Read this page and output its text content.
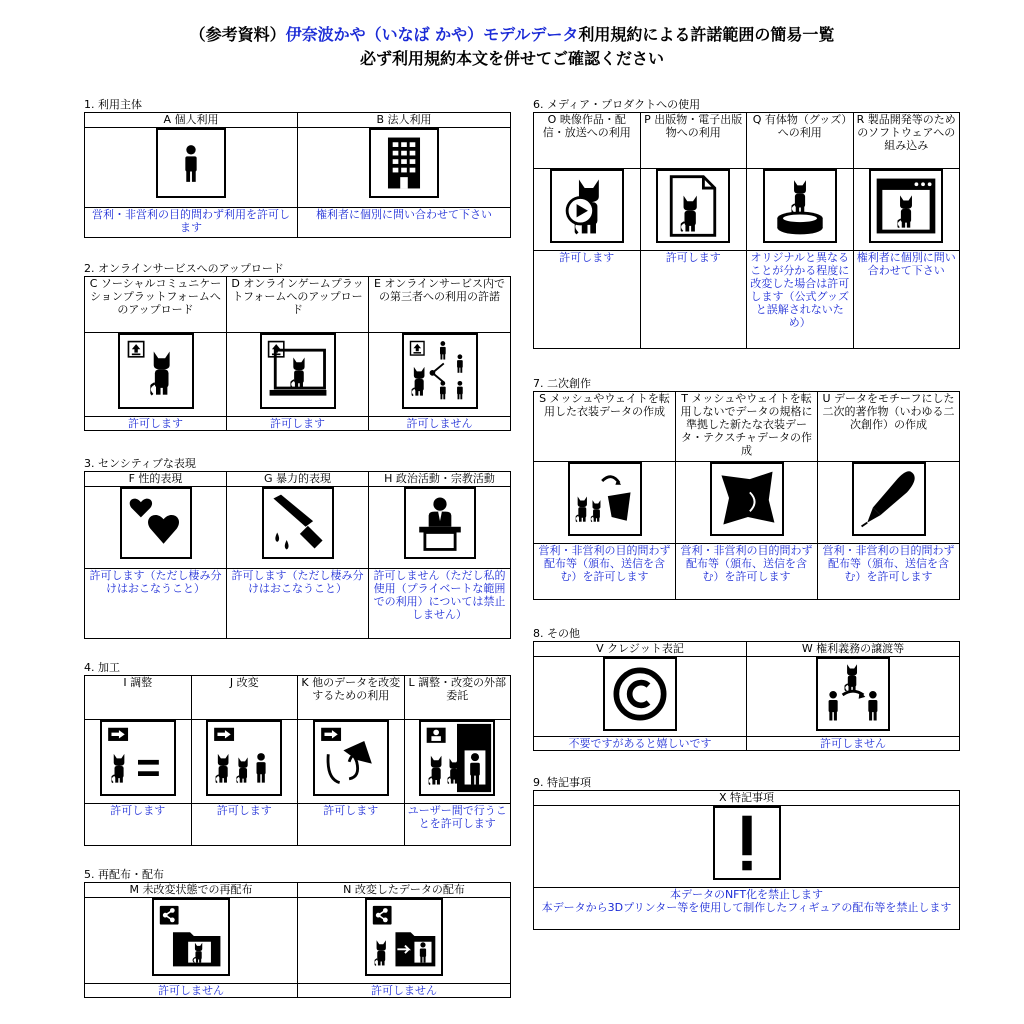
（参考資料）伊奈波かや（いなば かや）モデルデータ利用規約による許諾範囲の簡易一覧
必ず利用規約本文を併せてご確認ください
1. 利用主体
A 個人利用	B 法人利用

営利・非営利の目的問わず利用を許可します	権利者に個別に問い合わせて下さい
2. オンラインサービスへのアップロード
C ソーシャルコミュニケーションプラットフォームへのアップロード	D オンラインゲームプラットフォームへのアップロード	E オンラインサービス内での第三者への利用の許諾

許可します	許可します	許可しません
3. センシティブな表現
F 性的表現	G 暴力的表現	H 政治活動・宗教活動

許可します（ただし棲み分けはおこなうこと）	許可します（ただし棲み分けはおこなうこと）	許可しません（ただし私的使用（プライベートな範囲での利用）については禁止しません）
4. 加工
I 調整	J 改変	K 他のデータを改変するための利用	L 調整・改変の外部委託

許可します	許可します	許可します	ユーザー間で行うことを許可します
5. 再配布・配布
M 未改変状態での再配布	N 改変したデータの配布

許可しません	許可しません
6. メディア・プロダクトへの使用
O 映像作品・配信・放送への利用	P 出版物・電子出版物への利用	Q 有体物（グッズ）への利用	R 製品開発等のためのソフトウェアへの組み込み

許可します	許可します	オリジナルと異なることが分かる程度に改変した場合は許可します（公式グッズと誤解されないため）	権利者に個別に問い合わせて下さい
7. 二次創作
S メッシュやウェイトを転用した衣装データの作成	T メッシュやウェイトを転用しないでデータの規格に準拠した新たな衣装データ・テクスチャデータの作成	U データをモチーフにした二次的著作物（いわゆる二次創作）の作成

営利・非営利の目的問わず配布等（頒布、送信を含む）を許可します	営利・非営利の目的問わず配布等（頒布、送信を含む）を許可します	営利・非営利の目的問わず配布等（頒布、送信を含む）を許可します
8. その他
V クレジット表記	W 権利義務の譲渡等

不要ですがあると嬉しいです	許可しません
9. 特記事項
X 特記事項

本データのNFT化を禁止します
本データから3Dプリンター等を使用して制作したフィギュアの配布等を禁止します
